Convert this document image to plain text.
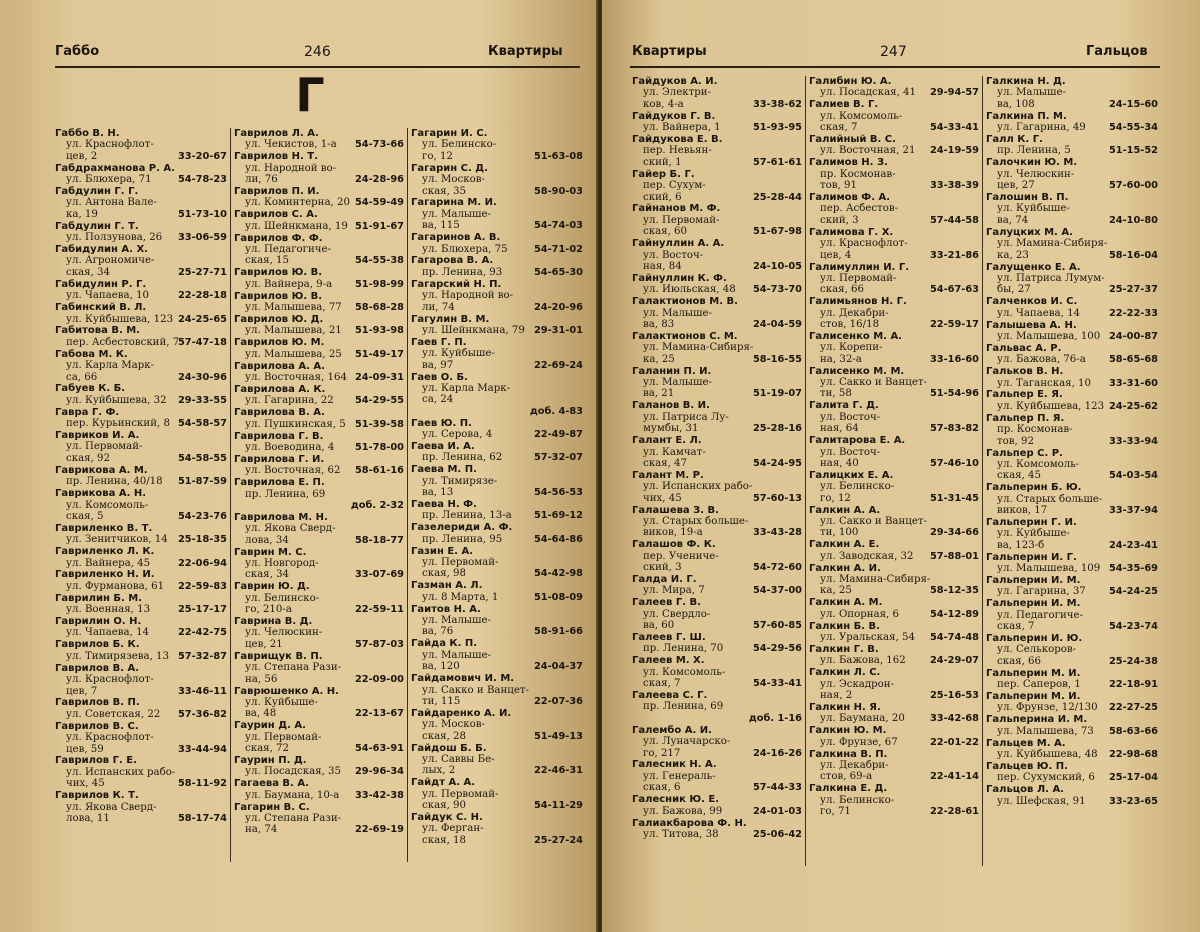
Габбо	246	Квартиры
Г
Габбо В. Н.
ул. Краснофлот-
цев, 2	33-20-67
Габдрахманова Р. А.
ул. Блюхера, 71	54-78-23
Габдулин Г. Г.
ул. Антона Вале-
ка, 19	51-73-10
Габдулин Г. Т.
ул. Ползунова, 26	33-06-59
Габидулин А. Х.
ул. Агрономиче-
ская, 34	25-27-71
Габидулин Р. Г.
ул. Чапаева, 10	22-28-18
Габинский В. Л.
ул. Куйбышева, 123 24-25-65
Габитова В. М.
пер. Асбестовский, 7
57-47-18
Габова М. К.
ул. Карла Марк-
са, 66	24-30-96
Габуев К. Б.
ул. Куйбышева, 32	29-33-55
Гавра Г. Ф.
пер. Курьинский, 8 54-58-57
Гавриков И. А.
ул. Первомай-
ская, 92	54-58-55
Гаврикова А. М.
пр. Ленина, 40/18	51-87-59
Гаврикова А. Н.
ул. Комсомоль-
ская, 5	54-23-76
Гавриленко В. Т.
ул. Зенитчиков, 14	25-18-35
Гавриленко Л. К.
ул. Вайнера, 45	22-06-94
Гавриленко Н. И.
ул. Фурманова, 61	22-59-83
Гаврилин Б. М.
ул. Военная, 13	25-17-17
Гаврилин О. Н.
ул. Чапаева, 14	22-42-75
Гаврилов Б. К.
ул. Тимирязева, 13 57-32-87
Гаврилов В. А.
ул. Краснофлот-
цев, 7	33-46-11
Гаврилов В. П.
ул. Советская, 22	57-36-82
Гаврилов В. С.
ул. Краснофлот-
цев, 59	33-44-94
Гаврилов Г. Е.
ул. Испанских рабо-
чих, 45	58-11-92
Гаврилов К. Т.
ул. Якова Сверд-
лова, 11	58-17-74
Гаврилов Л. А.
ул. Чекистов, 1-а	54-73-66
Гаврилов Н. Т.
ул. Народной во-
ли, 76	24-28-96
Гаврилов П. И.
ул. Коминтерна, 20 54-59-49
Гаврилов С. А.
ул. Шейнкмана, 19 51-91-67
Гаврилов Ф. Ф.
ул. Педагогиче-
ская, 15	54-55-38
Гаврилов Ю. В.
ул. Вайнера, 9-а	51-98-99
Гаврилов Ю. В.
ул. Малышева, 77	58-68-28
Гаврилов Ю. Д.
ул. Малышева, 21	51-93-98
Гаврилов Ю. М.
ул. Малышева, 25	51-49-17
Гаврилова А. А.
ул. Восточная, 164 24-09-31
Гаврилова А. К.
ул. Гагарина, 22	54-29-55
Гаврилова В. А.
ул. Пушкинская, 5 51-39-58
Гаврилова Г. В.
ул. Воеводина, 4	51-78-00
Гаврилова Г. И.
ул. Восточная, 62	58-61-16
Гаврилова Е. П.
пр. Ленина, 69
доб. 2-32
Гаврилова М. Н.
ул. Якова Сверд-
лова, 34	58-18-77
Гаврин М. С.
ул. Новгород-
ская, 34	33-07-69
Гаврин Ю. Д.
ул. Белинско-
го, 210-а	22-59-11
Гаврина В. Д.
ул. Челюскин-
цев, 21	57-87-03
Гаврищук В. П.
ул. Степана Рази-
на, 56	22-09-00
Гаврюшенко А. Н.
ул. Куйбыше-
ва, 48	22-13-67
Гаурин Д. А.
ул. Первомай-
ская, 72	54-63-91
Гаурин П. Д.
ул. Посадская, 35	29-96-34
Гагаева В. А.
ул. Баумана, 10-а	33-42-38
Гагарин В. С.
ул. Степана Рази-
на, 74	22-69-19
Гагарин И. С.
ул. Белинско-
го, 12	51-63-08
Гагарин С. Д.
ул. Москов-
ская, 35	58-90-03
Гагарина М. И.
ул. Малыше-
ва, 115	54-74-03
Гагаринов А. В.
ул. Блюхера, 75	54-71-02
Гагарова В. А.
пр. Ленина, 93	54-65-30
Гагарский Н. П.
ул. Народной во-
ли, 74	24-20-96
Гагулин В. М.
ул. Шейнкмана, 79 29-31-01
Гаев Г. П.
ул. Куйбыше-
ва, 97	22-69-24
Гаев О. Б.
ул. Карла Марк-
са, 24
доб. 4-83
Гаев Ю. П.
ул. Серова, 4	22-49-87
Гаева И. А.
пр. Ленина, 62	57-32-07
Гаева М. П.
ул. Тимирязе-
ва, 13	54-56-53
Гаева Н. Ф.
пр. Ленина, 13-а	51-69-12
Газелериди А. Ф.
пр. Ленина, 95	54-64-86
Газин Е. А.
ул. Первомай-
ская, 98	54-42-98
Газман А. Л.
ул. 8 Марта, 1	51-08-09
Гаитов Н. А.
ул. Малыше-
ва, 76	58-91-66
Гайда К. П.
ул. Малыше-
ва, 120	24-04-37
Гайдамович И. М.
ул. Сакко и Ванцет-
ти, 115	22-07-36
Гайдаренко А. И.
ул. Москов-
ская, 28	51-49-13
Гайдош Б. Б.
ул. Саввы Бе-
лых, 2	22-46-31
Гайдт А. А.
ул. Первомай-
ская, 90	54-11-29
Гайдук С. Н.
ул. Ферган-
ская, 18	25-27-24
Квартиры	247	Гальцов
Гайдуков А. И.
ул. Электри-
ков, 4-а	33-38-62
Гайдуков Г. В.
ул. Вайнера, 1	51-93-95
Гайдукова Е. В.
пер. Невьян-
ский, 1	57-61-61
Гайер Б. Г.
пер. Сухум-
ский, 6	25-28-44
Гайнанов М. Ф.
ул. Первомай-
ская, 60	51-67-98
Гайнуллин А. А.
ул. Восточ-
ная, 84	24-10-05
Гайнуллин К. Ф.
ул. Июльская, 48	54-73-70
Галактионов М. В.
ул. Малыше-
ва, 83	24-04-59
Галактионов С. М.
ул. Мамина-Сибиря-
ка, 25	58-16-55
Галанин П. И.
ул. Малыше-
ва, 21	51-19-07
Галанов В. И.
ул. Патриса Лу-
мумбы, 31	25-28-16
Галант Е. Л.
ул. Камчат-
ская, 47	54-24-95
Галант М. Р.
ул. Испанских рабо-
чих, 45	57-60-13
Галашева З. В.
ул. Старых больше-
виков, 19-а	33-43-28
Галашов Ф. К.
пер. Учениче-
ский, 3	54-72-60
Галда И. Г.
ул. Мира, 7	54-37-00
Галеев Г. В.
ул. Свердло-
ва, 60	57-60-85
Галеев Г. Ш.
пр. Ленина, 70	54-29-56
Галеев М. Х.
ул. Комсомоль-
ская, 7	54-33-41
Галеева С. Г.
пр. Ленина, 69
доб. 1-16
Галембо А. И.
ул. Луначарско-
го, 217	24-16-26
Галесник Н. А.
ул. Генераль-
ская, 6	57-44-33
Галесник Ю. Е.
ул. Бажова, 99	24-01-03
Галиакбарова Ф. Н.
ул. Титова, 38	25-06-42
Галибин Ю. А.
ул. Посадская, 41	29-94-57
Галиев В. Г.
ул. Комсомоль-
ская, 7	54-33-41
Галийный В. С.
ул. Восточная, 21	24-19-59
Галимов Н. З.
пр. Космонав-
тов, 91	33-38-39
Галимов Ф. А.
пер. Асбестов-
ский, 3	57-44-58
Галимова Г. Х.
ул. Краснофлот-
цев, 4	33-21-86
Галимуллин И. Г.
ул. Первомай-
ская, 66	54-67-63
Галимьянов Н. Г.
ул. Декабри-
стов, 16/18	22-59-17
Галисенко М. А.
ул. Корепи-
на, 32-а	33-16-60
Галисенко М. М.
ул. Сакко и Ванцет-
ти, 58	51-54-96
Галита Г. Д.
ул. Восточ-
ная, 64	57-83-82
Галитарова Е. А.
ул. Восточ-
ная, 40	57-46-10
Галицких Е. А.
ул. Белинско-
го, 12	51-31-45
Галкин А. А.
ул. Сакко и Ванцет-
ти, 100	29-34-66
Галкин А. Е.
ул. Заводская, 32	57-88-01
Галкин А. И.
ул. Мамина-Сибиря-
ка, 25	58-12-35
Галкин А. М.
ул. Опорная, 6	54-12-89
Галкин Б. В.
ул. Уральская, 54	54-74-48
Галкин Г. В.
ул. Бажова, 162	24-29-07
Галкин Л. С.
ул. Эскадрон-
ная, 2	25-16-53
Галкин Н. Я.
ул. Баумана, 20	33-42-68
Галкин Ю. М.
ул. Фрунзе, 67	22-01-22
Галкина В. П.
ул. Декабри-
стов, 69-а	22-41-14
Галкина Е. Д.
ул. Белинско-
го, 71	22-28-61
Галкина Н. Д.
ул. Малыше-
ва, 108	24-15-60
Галкина П. М.
ул. Гагарина, 49	54-55-34
Галл К. Г.
пр. Ленина, 5	51-15-52
Галочкин Ю. М.
ул. Челюскин-
цев, 27	57-60-00
Галошин В. П.
ул. Куйбыше-
ва, 74	24-10-80
Галуцких М. А.
ул. Мамина-Сибиря-
ка, 23	58-16-04
Галущенко Е. А.
ул. Патриса Лумум-
бы, 27	25-27-37
Галченков И. С.
ул. Чапаева, 14	22-22-33
Галышева А. Н.
ул. Малышева, 100 24-00-87
Гальвас А. Р.
ул. Бажова, 76-а	58-65-68
Гальков В. Н.
ул. Таганская, 10	33-31-60
Гальпер Е. Я.
ул. Куйбышева, 123 24-25-62
Гальпер П. Я.
пр. Космонав-
тов, 92	33-33-94
Гальпер С. Р.
ул. Комсомоль-
ская, 45	54-03-54
Гальперин Б. Ю.
ул. Старых больше-
виков, 17	33-37-94
Гальперин Г. И.
ул. Куйбыше-
ва, 123-б	24-23-41
Гальперин И. Г.
ул. Малышева, 109 54-35-69
Гальперин И. М.
ул. Гагарина, 37	54-24-25
Гальперин И. М.
ул. Педагогиче-
ская, 7	54-23-74
Гальперин И. Ю.
ул. Селькоров-
ская, 66	25-24-38
Гальперин М. И.
пер. Саперов, 1	22-18-91
Гальперин М. И.
ул. Фрунзе, 12/130	22-27-25
Гальперина И. М.
ул. Малышева, 73	58-63-66
Гальцев М. А.
ул. Куйбышева, 48	22-98-68
Гальцев Ю. П.
пер. Сухумский, 6	25-17-04
Гальцов Л. А.
ул. Шефская, 91	33-23-65
